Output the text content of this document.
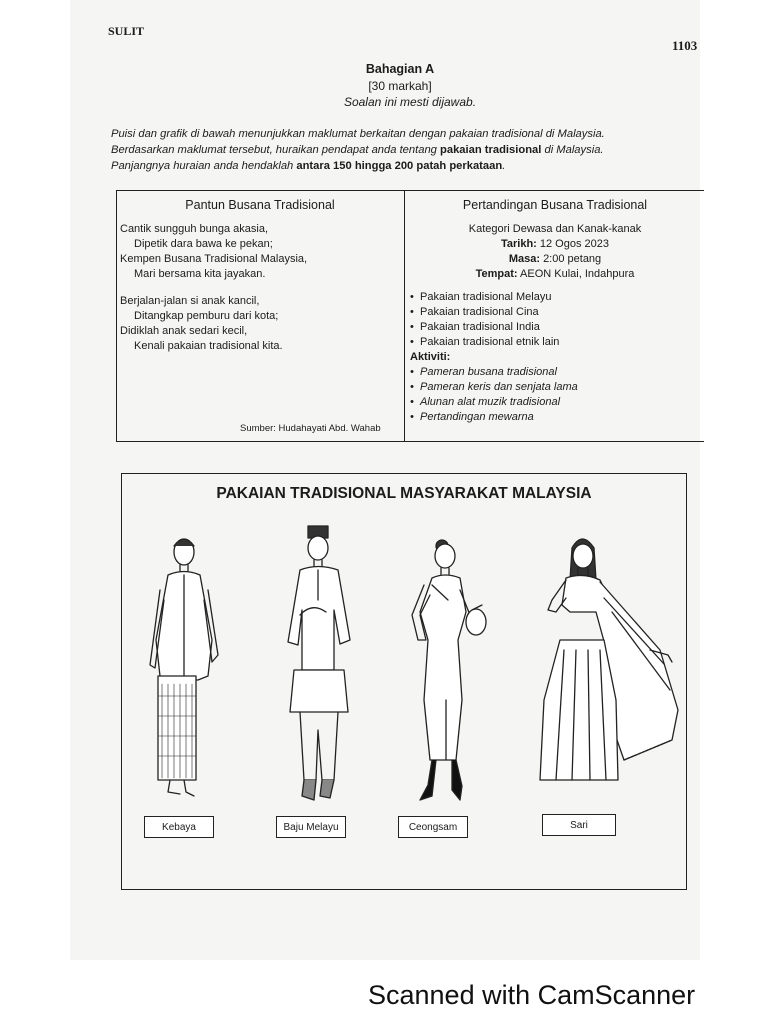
SULIT
1103
Bahagian A
[30 markah]
Soalan ini mesti dijawab.

Puisi dan grafik di bawah menunjukkan maklumat berkaitan dengan pakaian tradisional di Malaysia.

Berdasarkan maklumat tersebut, huraikan pendapat anda tentang pakaian tradisional di Malaysia.

Panjangnya huraian anda hendaklah antara 150 hingga 200 patah perkataan.

Pantun Busana Tradisional
Cantik sungguh bunga akasia,
Dipetik dara bawa ke pekan;
Kempen Busana Tradisional Malaysia,
Mari bersama kita jayakan.
Berjalan-jalan si anak kancil,
Ditangkap pemburu dari kota;
Didiklah anak sedari kecil,
Kenali pakaian tradisional kita.
Sumber: Hudahayati Abd. Wahab
Pertandingan Busana Tradisional
Kategori Dewasa dan Kanak-kanak
Tarikh: 12 Ogos 2023
Masa: 2:00 petang
Tempat: AEON Kulai, Indahpura
• Pakaian tradisional Melayu
• Pakaian tradisional Cina
• Pakaian tradisional India
• Pakaian tradisional etnik lain
Aktiviti:
• Pameran busana tradisional
• Pameran keris dan senjata lama
• Alunan alat muzik tradisional
• Pertandingan mewarna
PAKAIAN TRADISIONAL MASYARAKAT MALAYSIA
Kebaya	Baju Melayu	Ceongsam	Sari
Scanned with CamScanner
